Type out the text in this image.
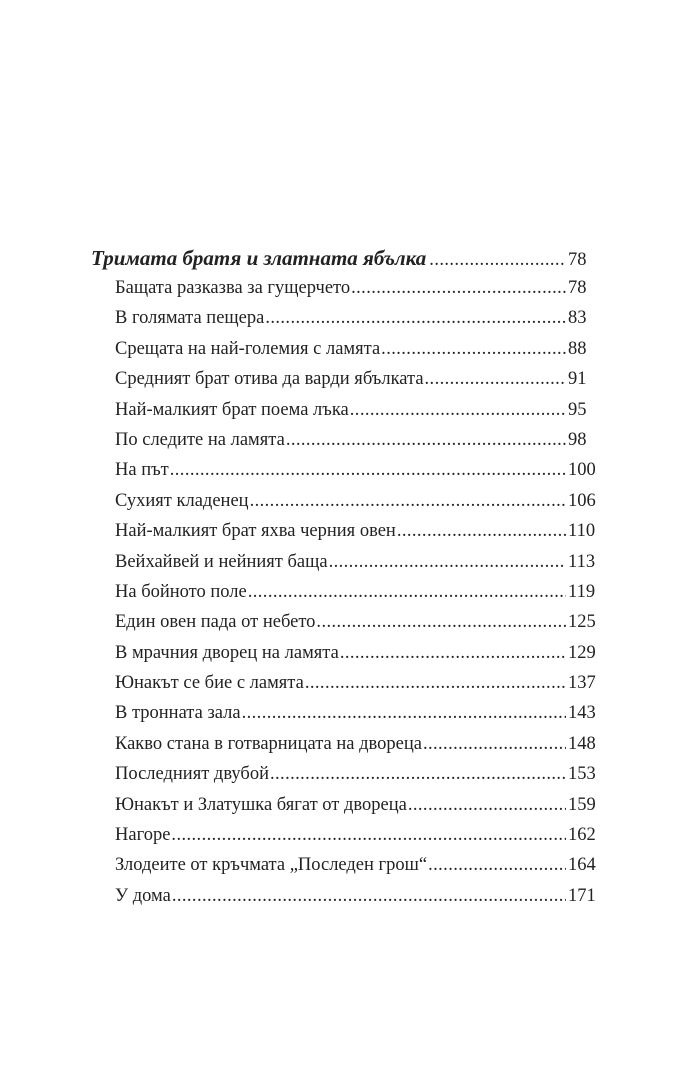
Тримата братя и златната ябълка .....	78
Бащата разказва за гущерчето .....	78
В голямата пещера .....	83
Срещата на най-големия с ламята .....	88
Средният брат отива да варди ябълката .....	91
Най-малкият брат поема лъка .....	95
По следите на ламята .....	98
На път .....	100
Сухият кладенец .....	106
Най-малкият брат яхва черния овен .....	110
Вейхайвей и нейният баща .....	113
На бойното поле .....	119
Един овен пада от небето .....	125
В мрачния дворец на ламята .....	129
Юнакът се бие с ламята .....	137
В тронната зала .....	143
Какво стана в готварницата на двореца .....	148
Последният двубой .....	153
Юнакът и Златушка бягат от двореца .....	159
Нагоре .....	162
Злодеите от кръчмата „Последен грош“ .....	164
У дома .....	171
